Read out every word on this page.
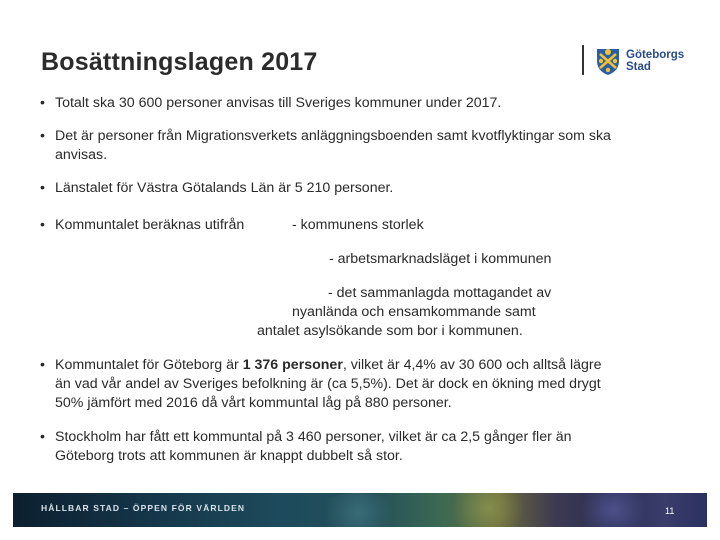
Bosättningslagen 2017	Göteborgs
Stad
• Totalt ska 30 600 personer anvisas till Sveriges kommuner under 2017.
• Det är personer från Migrationsverkets anläggningsboenden samt kvotflyktingar som ska
anvisas.
• Länstalet för Västra Götalands Län är 5 210 personer.
• Kommuntalet beräknas utifrån	- kommunens storlek
- arbetsmarknadsläget i kommunen
- det sammanlagda mottagandet av
nyanlända och ensamkommande samt
antalet asylsökande som bor i kommunen.
• Kommuntalet för Göteborg är 1 376 personer, vilket är 4,4% av 30 600 och alltså lägre
än vad vår andel av Sveriges befolkning är (ca 5,5%). Det är dock en ökning med drygt
50% jämfört med 2016 då vårt kommuntal låg på 880 personer.
• Stockholm har fått ett kommuntal på 3 460 personer, vilket är ca 2,5 gånger fler än
Göteborg trots att kommunen är knappt dubbelt så stor.
HÅLLBAR STAD – ÖPPEN FÖR VÄRLDEN	11
